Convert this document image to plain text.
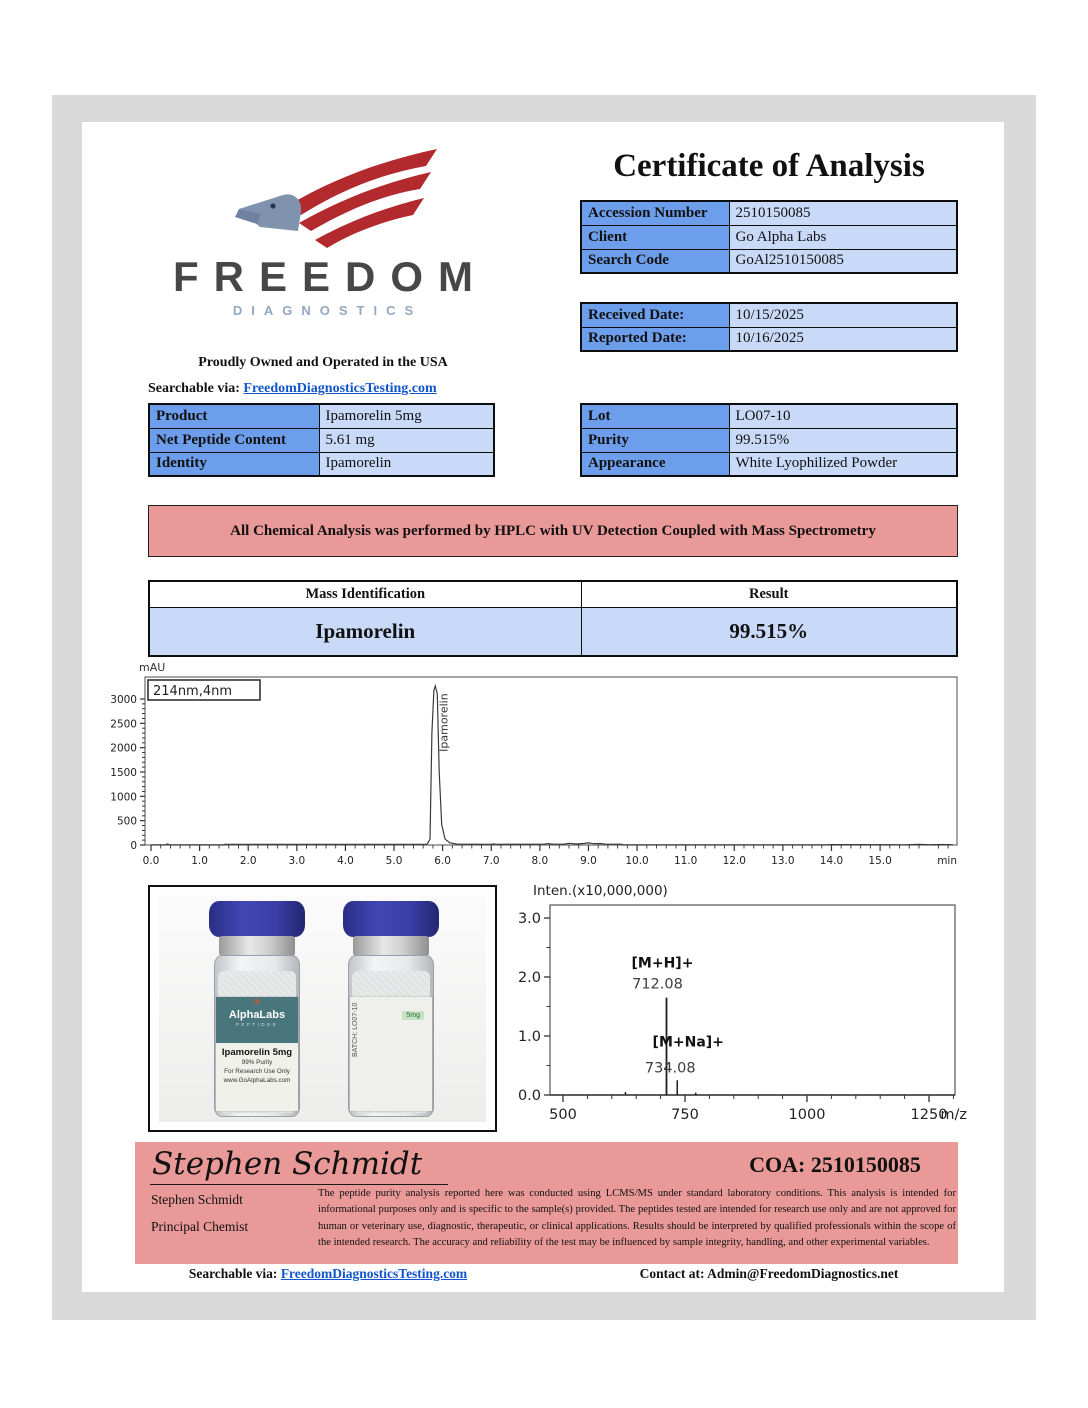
FREEDOM
DIAGNOSTICS
Proudly Owned and Operated in the USA
Searchable via: FreedomDiagnosticsTesting.com
Certificate of Analysis
Accession Number	2510150085
Client	Go Alpha Labs
Search Code	GoAl2510150085
Received Date:	10/15/2025
Reported Date:	10/16/2025
Product	Ipamorelin 5mg
Net Peptide Content	5.61 mg
Identity	Ipamorelin
Lot	LO07-10
Purity	99.515%
Appearance	White Lyophilized Powder
All Chemical Analysis was performed by HPLC with UV Detection Coupled with Mass Spectrometry
Mass Identification	Result
Ipamorelin	99.515%
mAU
214nm,4nm
0
500
1000
1500
2000
2500
3000
0.0	1.0	2.0	3.0	4.0	5.0	6.0	7.0	8.0	9.0	10.0 11.0 12.0 13.0 14.0 15.0	min
Ipamorelin
✳
AlphaLabs
PEPTIDES
Ipamorelin 5mg
99% Purity
For Research Use Only
www.GoAlphaLabs.com
5mg
BATCH: LO07-10
Inten.(x10,000,000)
0.0
1.0
2.0
3.0
500	750	1000	1250
m/z
[M+H]+
712.08
[M+Na]+
734.08
Stephen Schmidt	COA: 2510150085
Stephen Schmidt
Principal Chemist
The peptide purity analysis reported here was conducted using LCMS/MS under standard laboratory conditions. This analysis is intended for informational purposes only and is specific to the sample(s) provided. The peptides tested are intended for research use only and are not approved for human or veterinary use, diagnostic, therapeutic, or clinical applications. Results should be interpreted by qualified professionals within the scope of the intended research. The accuracy and reliability of the test may be influenced by sample integrity, handling, and other experimental variables.
Searchable via: FreedomDiagnosticsTesting.com	Contact at: Admin@FreedomDiagnostics.net
